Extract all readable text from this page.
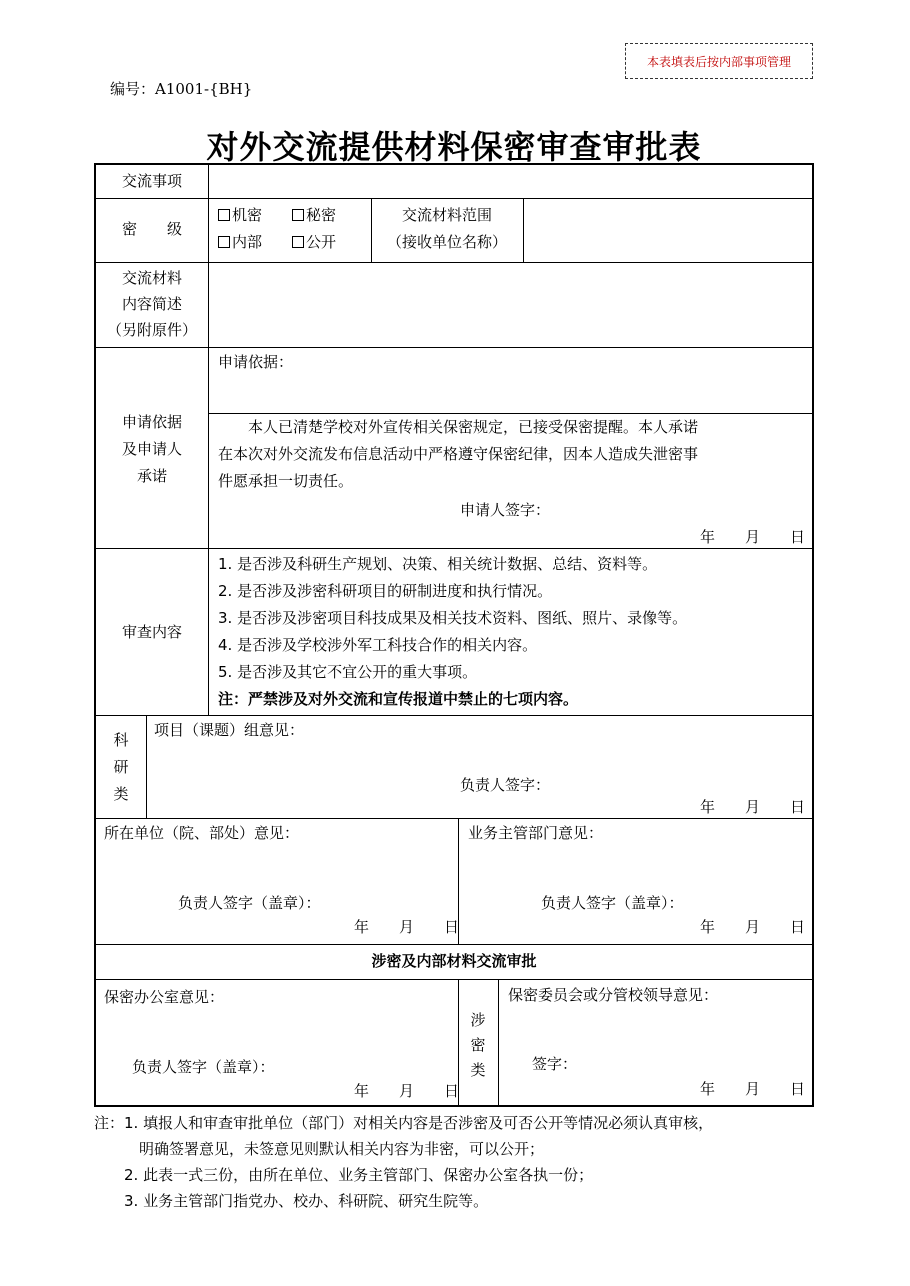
本表填表后按内部事项管理
编号：A1001-{BH}
对外交流提供材料保密审查审批表
交流事项
密　　级
机密	秘密
内部	公开
交流材料范围
（接收单位名称）
交流材料
内容简述
（另附原件）
申请依据
及申请人
承诺
申请依据：
　　本人已清楚学校对外宣传相关保密规定，已接受保密提醒。本人承诺
在本次对外交流发布信息活动中严格遵守保密纪律，因本人造成失泄密事
件愿承担一切责任。
申请人签字：
年　　月　　日
审查内容
1. 是否涉及科研生产规划、决策、相关统计数据、总结、资料等。
2. 是否涉及涉密科研项目的研制进度和执行情况。
3. 是否涉及涉密项目科技成果及相关技术资料、图纸、照片、录像等。
4. 是否涉及学校涉外军工科技合作的相关内容。
5. 是否涉及其它不宜公开的重大事项。
注：严禁涉及对外交流和宣传报道中禁止的七项内容。
科
研
类
项目（课题）组意见：
负责人签字：
年　　月　　日
所在单位（院、部处）意见：
负责人签字（盖章）：
年　　月　　日
业务主管部门意见：
负责人签字（盖章）：
年　　月　　日
涉密及内部材料交流审批
保密办公室意见：
负责人签字（盖章）：
年　　月　　日
涉
密
类
保密委员会或分管校领导意见：
签字：
年　　月　　日
注：1. 填报人和审查审批单位（部门）对相关内容是否涉密及可否公开等情况必须认真审核，
　　　明确签署意见，未签意见则默认相关内容为非密，可以公开；
　　2. 此表一式三份，由所在单位、业务主管部门、保密办公室各执一份；
　　3. 业务主管部门指党办、校办、科研院、研究生院等。
